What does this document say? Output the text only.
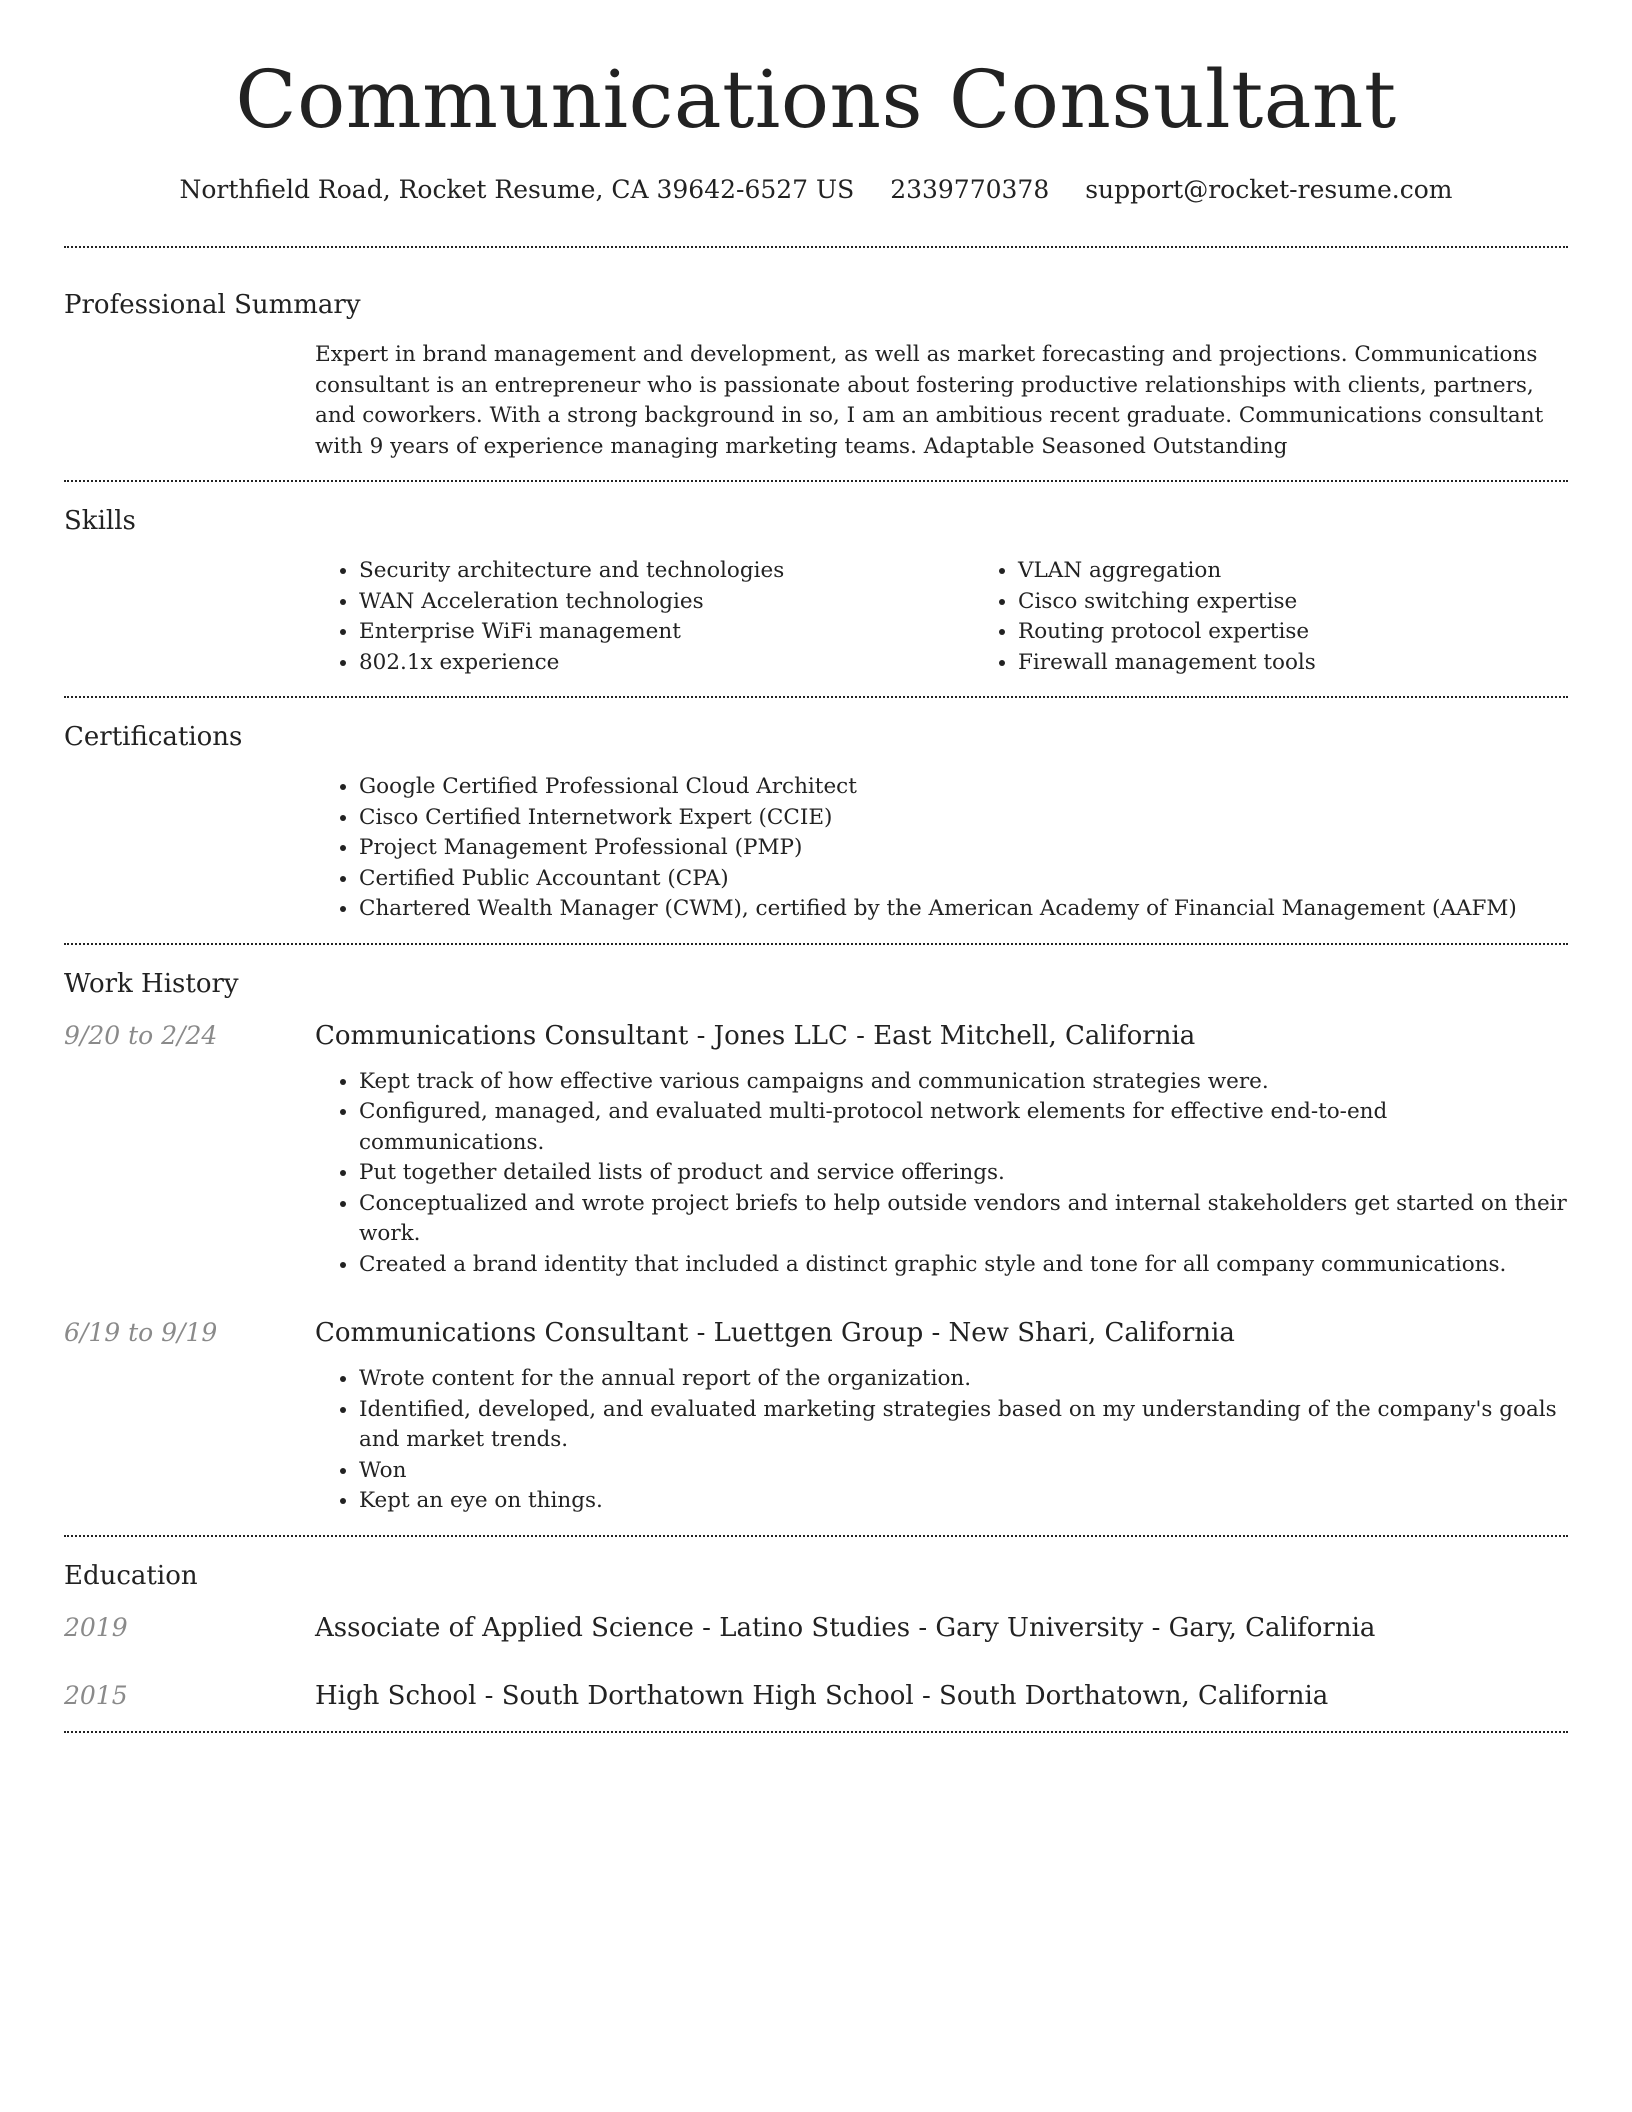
Communications Consultant
Northfield Road, Rocket Resume, CA 39642-6527 US 2339770378 support@rocket-resume.com
Professional Summary

Expert in brand management and development, as well as market forecasting and projections. Communications consultant is an entrepreneur who is passionate about fostering productive relationships with clients, partners, and coworkers. With a strong background in so, I am an ambitious recent graduate. Communications consultant with 9 years of experience managing marketing teams. Adaptable Seasoned Outstanding

Skills
• Security architecture and technologies
• WAN Acceleration technologies
• Enterprise WiFi management
• 802.1x experience
• VLAN aggregation
• Cisco switching expertise
• Routing protocol expertise
• Firewall management tools
Certifications
• Google Certified Professional Cloud Architect
• Cisco Certified Internetwork Expert (CCIE)
• Project Management Professional (PMP)
• Certified Public Accountant (CPA)
• Chartered Wealth Manager (CWM), certified by the American Academy of Financial Management (AAFM)
Work History
9/20 to 2/24	Communications Consultant - Jones LLC - East Mitchell, California
• Kept track of how effective various campaigns and communication strategies were.
• Configured, managed, and evaluated multi-protocol network elements for effective end-to-end communications.
• Put together detailed lists of product and service offerings.
• Conceptualized and wrote project briefs to help outside vendors and internal stakeholders get started on their work.
• Created a brand identity that included a distinct graphic style and tone for all company communications.
6/19 to 9/19	Communications Consultant - Luettgen Group - New Shari, California
• Wrote content for the annual report of the organization.
• Identified, developed, and evaluated marketing strategies based on my understanding of the company's goals and market trends.
• Won
• Kept an eye on things.
Education
2019	Associate of Applied Science - Latino Studies - Gary University - Gary, California
2015	High School - South Dorthatown High School - South Dorthatown, California
